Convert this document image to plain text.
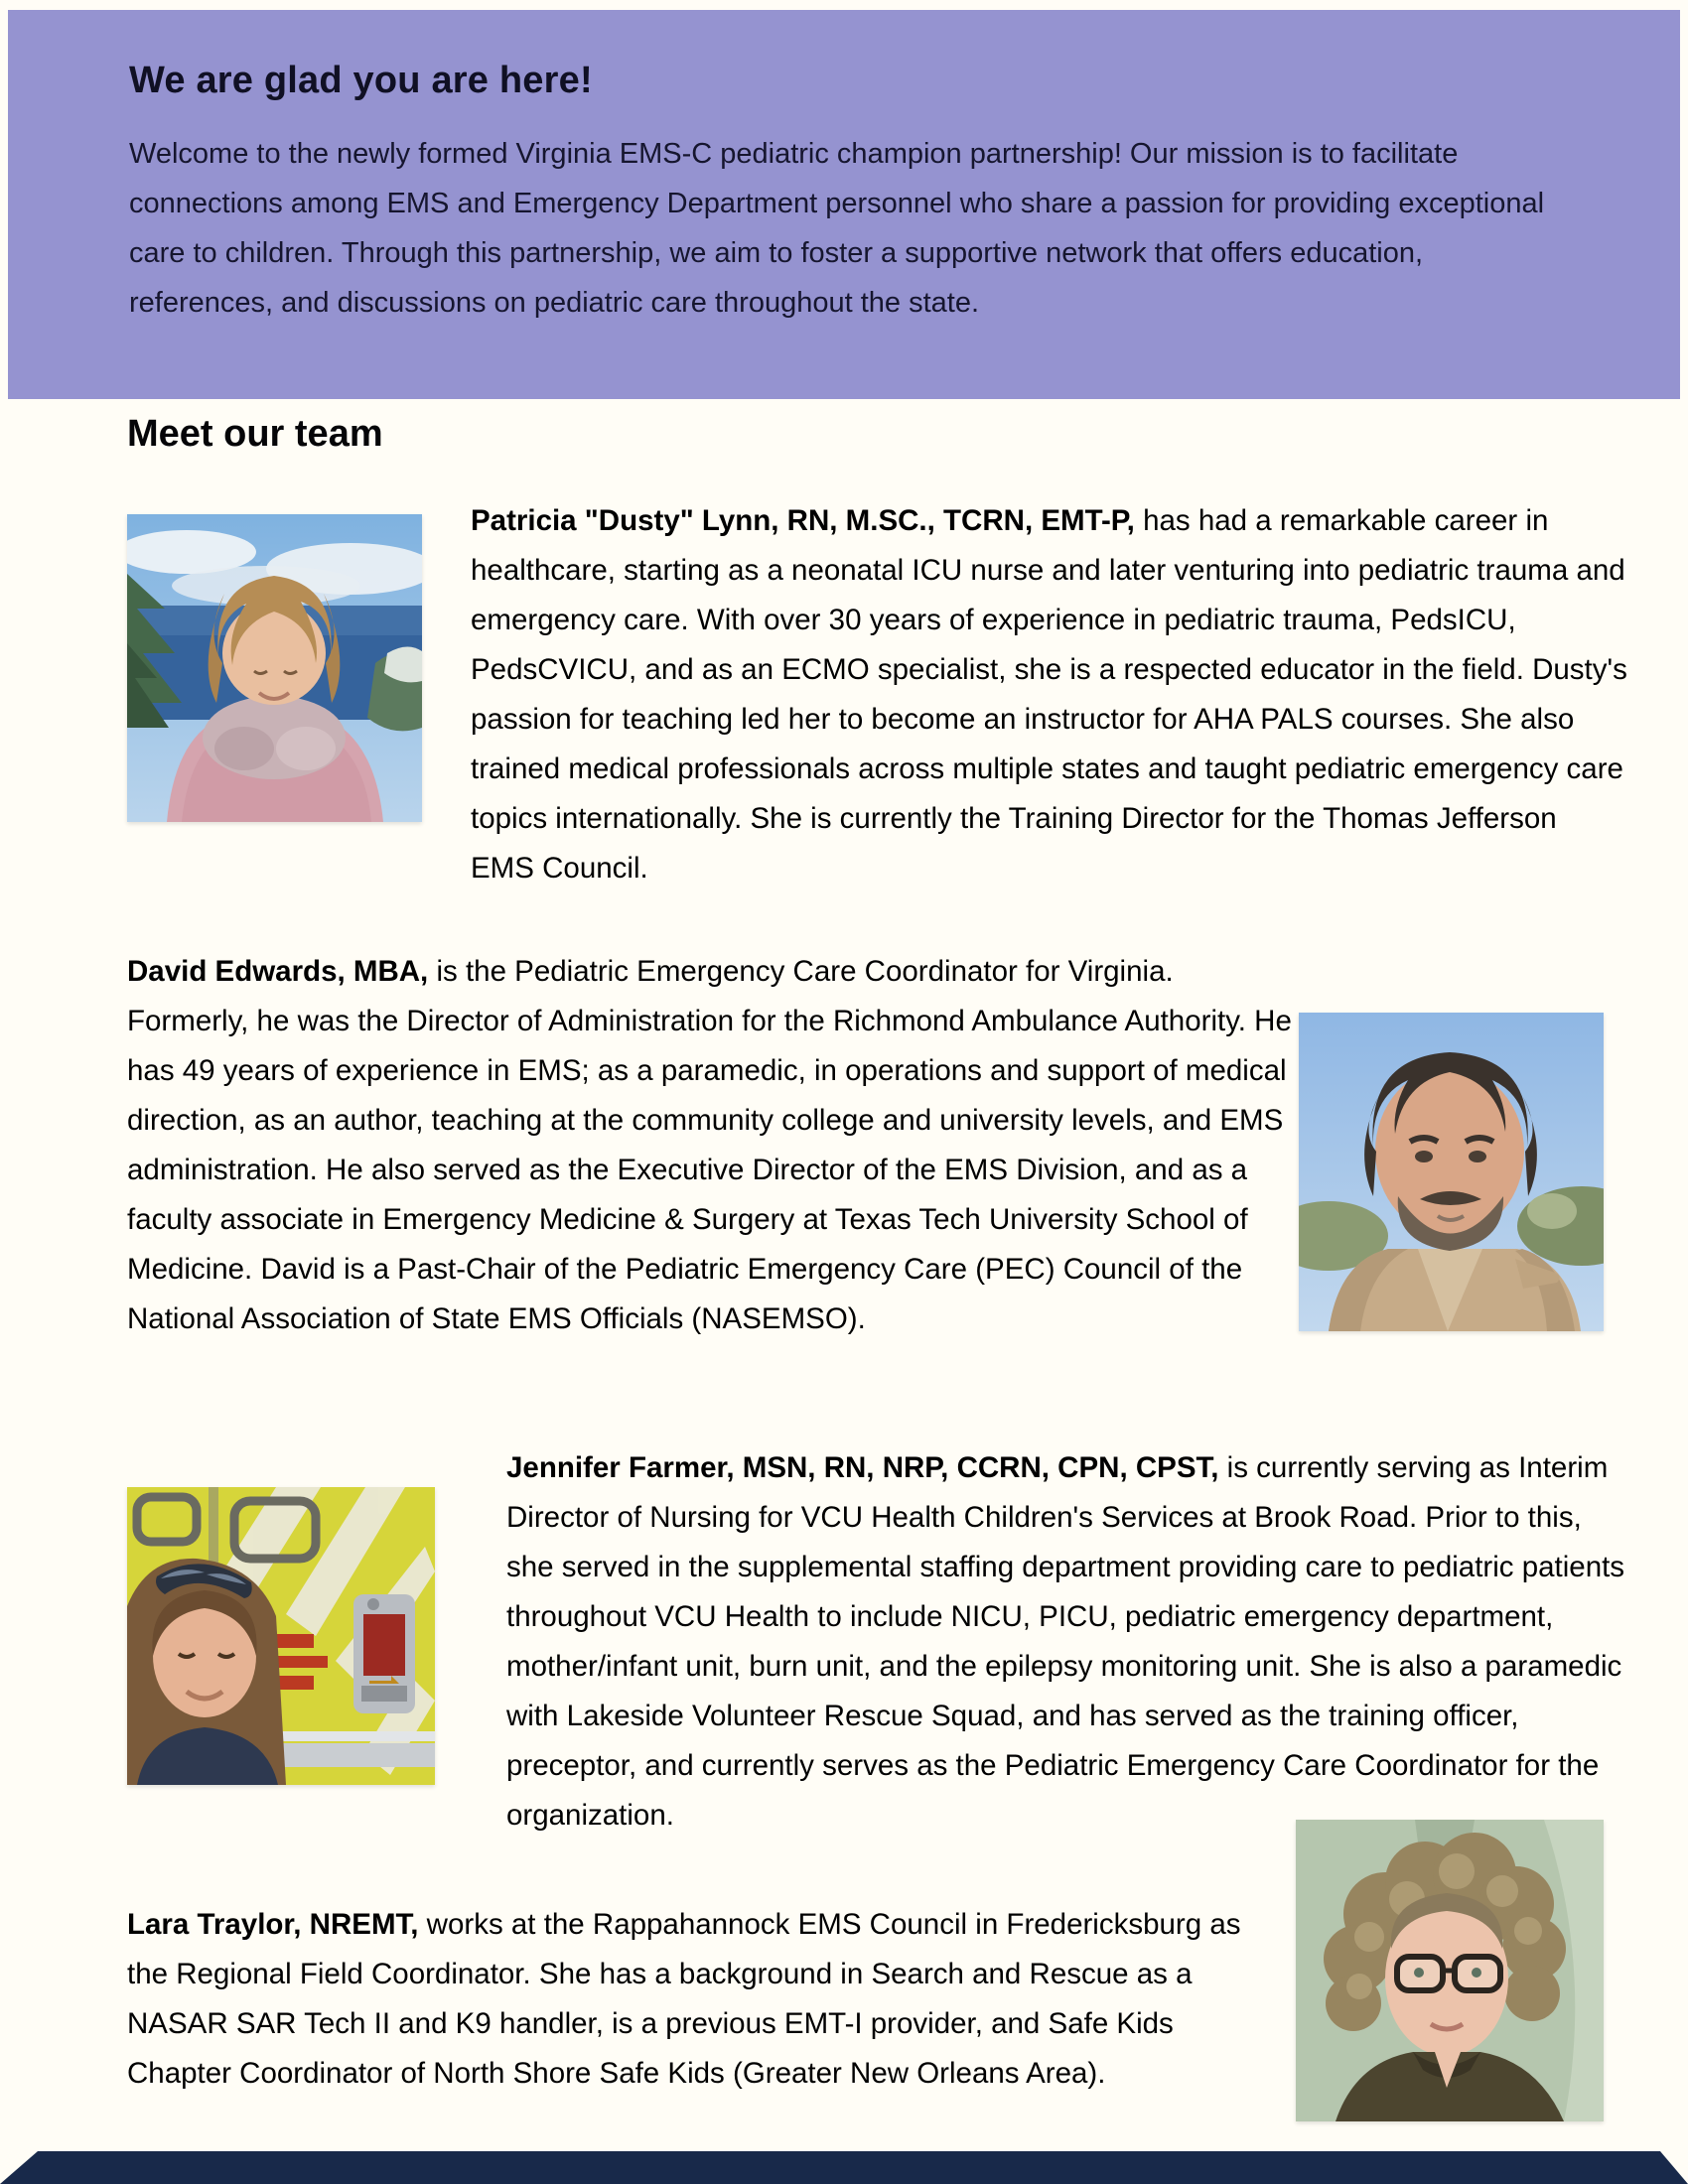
We are glad you are here!

Welcome to the newly formed Virginia EMS-C pediatric champion partnership! Our mission is to facilitate connections among EMS and Emergency Department personnel who share a passion for providing exceptional care to children. Through this partnership, we aim to foster a supportive network that offers education, references, and discussions on pediatric care throughout the state.

Meet our team

Patricia "Dusty" Lynn, RN, M.SC., TCRN, EMT-P, has had a remarkable career in healthcare, starting as a neonatal ICU nurse and later venturing into pediatric trauma and emergency care. With over 30 years of experience in pediatric trauma, PedsICU, PedsCVICU, and as an ECMO specialist, she is a respected educator in the field. Dusty's passion for teaching led her to become an instructor for AHA PALS courses. She also trained medical professionals across multiple states and taught pediatric emergency care topics internationally. She is currently the Training Director for the Thomas Jefferson EMS Council.

David Edwards, MBA, is the Pediatric Emergency Care Coordinator for Virginia. Formerly, he was the Director of Administration for the Richmond Ambulance Authority. He has 49 years of experience in EMS; as a paramedic, in operations and support of medical direction, as an author, teaching at the community college and university levels, and EMS administration. He also served as the Executive Director of the EMS Division, and as a faculty associate in Emergency Medicine & Surgery at Texas Tech University School of Medicine. David is a Past-Chair of the Pediatric Emergency Care (PEC) Council of the National Association of State EMS Officials (NASEMSO).

Jennifer Farmer, MSN, RN, NRP, CCRN, CPN, CPST, is currently serving as Interim Director of Nursing for VCU Health Children's Services at Brook Road. Prior to this, she served in the supplemental staffing department providing care to pediatric patients throughout VCU Health to include NICU, PICU, pediatric emergency department, mother/infant unit, burn unit, and the epilepsy monitoring unit. She is also a paramedic with Lakeside Volunteer Rescue Squad, and has served as the training officer, preceptor, and currently serves as the Pediatric Emergency Care Coordinator for the organization.

Lara Traylor, NREMT, works at the Rappahannock EMS Council in Fredericksburg as the Regional Field Coordinator. She has a background in Search and Rescue as a NASAR SAR Tech II and K9 handler, is a previous EMT-I provider, and Safe Kids Chapter Coordinator of North Shore Safe Kids (Greater New Orleans Area).
